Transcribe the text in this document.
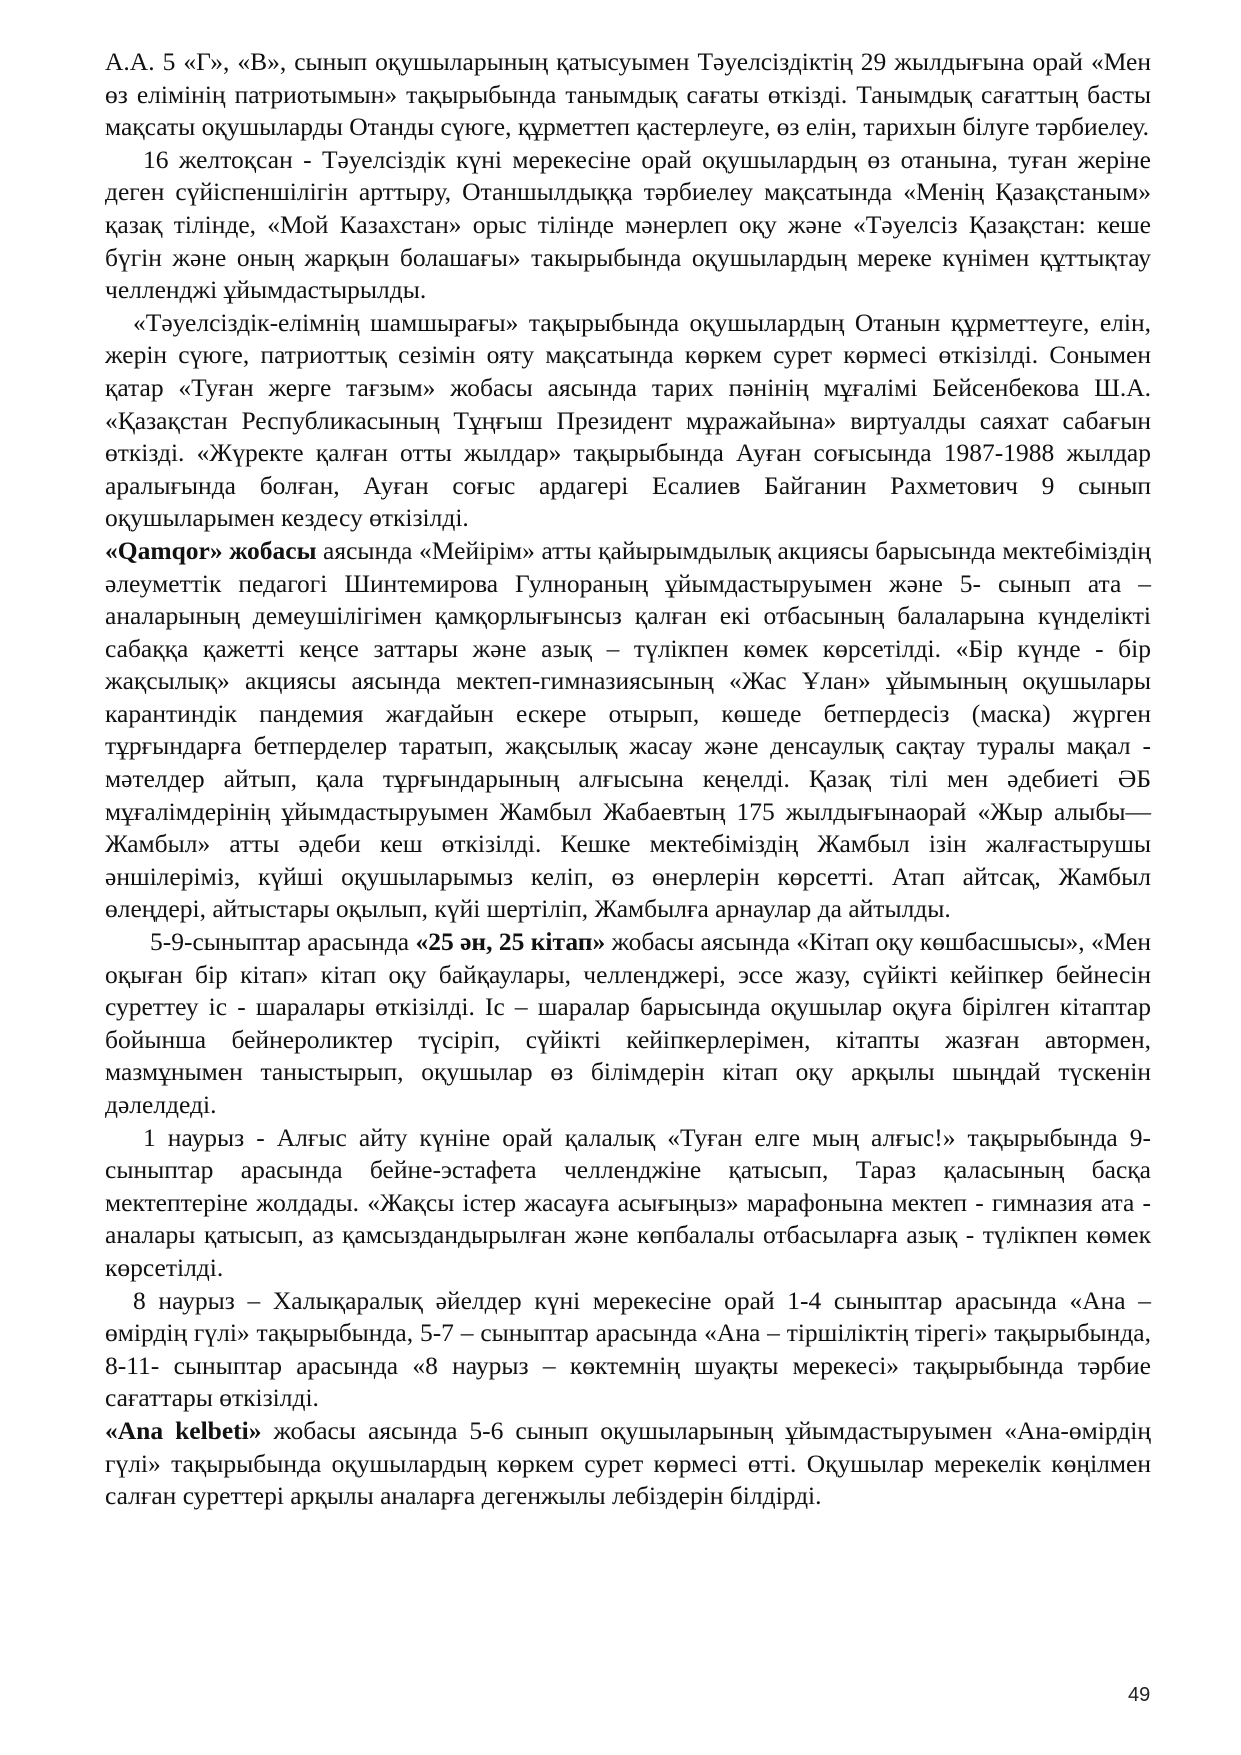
А.А. 5 «Г», «В», сынып оқушыларының қатысуымен Тәуелсіздіктің 29 жылдығына орай «Мен өз елімінің патриотымын» тақырыбында танымдық сағаты өткізді. Танымдық сағаттың басты мақсаты оқушыларды Отанды сүюге, құрметтеп қастерлеуге, өз елін, тарихын білуге тәрбиелеу.

16 желтоқсан - Тәуелсіздік күні мерекесіне орай оқушылардың өз отанына, туған жеріне деген сүйіспеншілігін арттыру, Отаншылдыққа тәрбиелеу мақсатында «Менің Қазақстаным» қазақ тілінде, «Мой Казахстан» орыс тілінде мәнерлеп оқу және «Тәуелсіз Қазақстан: кеше бүгін және оның жарқын болашағы» такырыбында оқушылардың мереке күнімен құттықтау челленджі ұйымдастырылды.

«Тәуелсіздік-елімнің шамшырағы» тақырыбында оқушылардың Отанын құрметтеуге, елін, жерін сүюге, патриоттық сезімін ояту мақсатында көркем сурет көрмесі өткізілді. Сонымен қатар «Туған жерге тағзым» жобасы аясында тарих пәнінің мұғалімі Бейсенбекова Ш.А. «Қазақстан Республикасының Тұңғыш Президент мұражайына» виртуалды саяхат сабағын өткізді. «Жүректе қалған отты жылдар» тақырыбында Ауған соғысында 1987-1988 жылдар аралығында болған, Ауған соғыс ардагері Есалиев Байганин Рахметович 9 сынып оқушыларымен кездесу өткізілді.

«Qamqor» жобасы аясында «Мейірім» атты қайырымдылық акциясы барысында мектебіміздің әлеуметтік педагогі Шинтемирова Гулнораның ұйымдастыруымен және 5- сынып ата – аналарының демеушілігімен қамқорлығынсыз қалған екі отбасының балаларына күнделікті сабаққа қажетті кеңсе заттары және азық – түлікпен көмек көрсетілді. «Бір күнде - бір жақсылық» акциясы аясында мектеп-гимназиясының «Жас Ұлан» ұйымының оқушылары карантиндік пандемия жағдайын ескере отырып, көшеде бетпердесіз (маска) жүрген тұрғындарға бетперделер таратып, жақсылық жасау және денсаулық сақтау туралы мақал - мәтелдер айтып, қала тұрғындарының алғысына кеңелді. Қазақ тілі мен әдебиеті ӘБ мұғалімдерінің ұйымдастыруымен Жамбыл Жабаевтың 175 жылдығынаорай «Жыр алыбы—Жамбыл» атты әдеби кеш өткізілді. Кешке мектебіміздің Жамбыл ізін жалғастырушы әншілеріміз, күйші оқушыларымыз келіп, өз өнерлерін көрсетті. Атап айтсақ, Жамбыл өлеңдері, айтыстары оқылып, күйі шертіліп, Жамбылға арнаулар да айтылды.

5-9-сыныптар арасында «25 ән, 25 кітап» жобасы аясында «Кітап оқу көшбасшысы», «Мен оқыған бір кітап» кітап оқу байқаулары, челленджері, эссе жазу, сүйікті кейіпкер бейнесін суреттеу іс - шаралары өткізілді. Іс – шаралар барысында оқушылар оқуға бірілген кітаптар бойынша бейнероликтер түсіріп, сүйікті кейіпкерлерімен, кітапты жазған автормен, мазмұнымен таныстырып, оқушылар өз білімдерін кітап оқу арқылы шыңдай түскенін дәлелдеді.

1 наурыз - Алғыс айту күніне орай қалалық «Туған елге мың алғыс!» тақырыбында 9-сыныптар арасында бейне-эстафета челленджіне қатысып, Тараз қаласының басқа мектептеріне жолдады. «Жақсы істер жасауға асығыңыз» марафонына мектеп - гимназия ата - аналары қатысып, аз қамсыздандырылған және көпбалалы отбасыларға азық - түлікпен көмек көрсетілді.

8 наурыз – Халықаралық әйелдер күні мерекесіне орай 1-4 сыныптар арасында «Ана – өмірдің гүлі» тақырыбында, 5-7 – сыныптар арасында «Ана – тіршіліктің тірегі» тақырыбында, 8-11- сыныптар арасында «8 наурыз – көктемнің шуақты мерекесі» тақырыбында тәрбие сағаттары өткізілді.

«Ana kelbeti» жобасы аясында 5-6 сынып оқушыларының ұйымдастыруымен «Ана-өмірдің гүлі» тақырыбында оқушылардың көркем сурет көрмесі өтті. Оқушылар мерекелік көңілмен салған суреттері арқылы аналарға дегенжылы лебіздерін білдірді.

49
